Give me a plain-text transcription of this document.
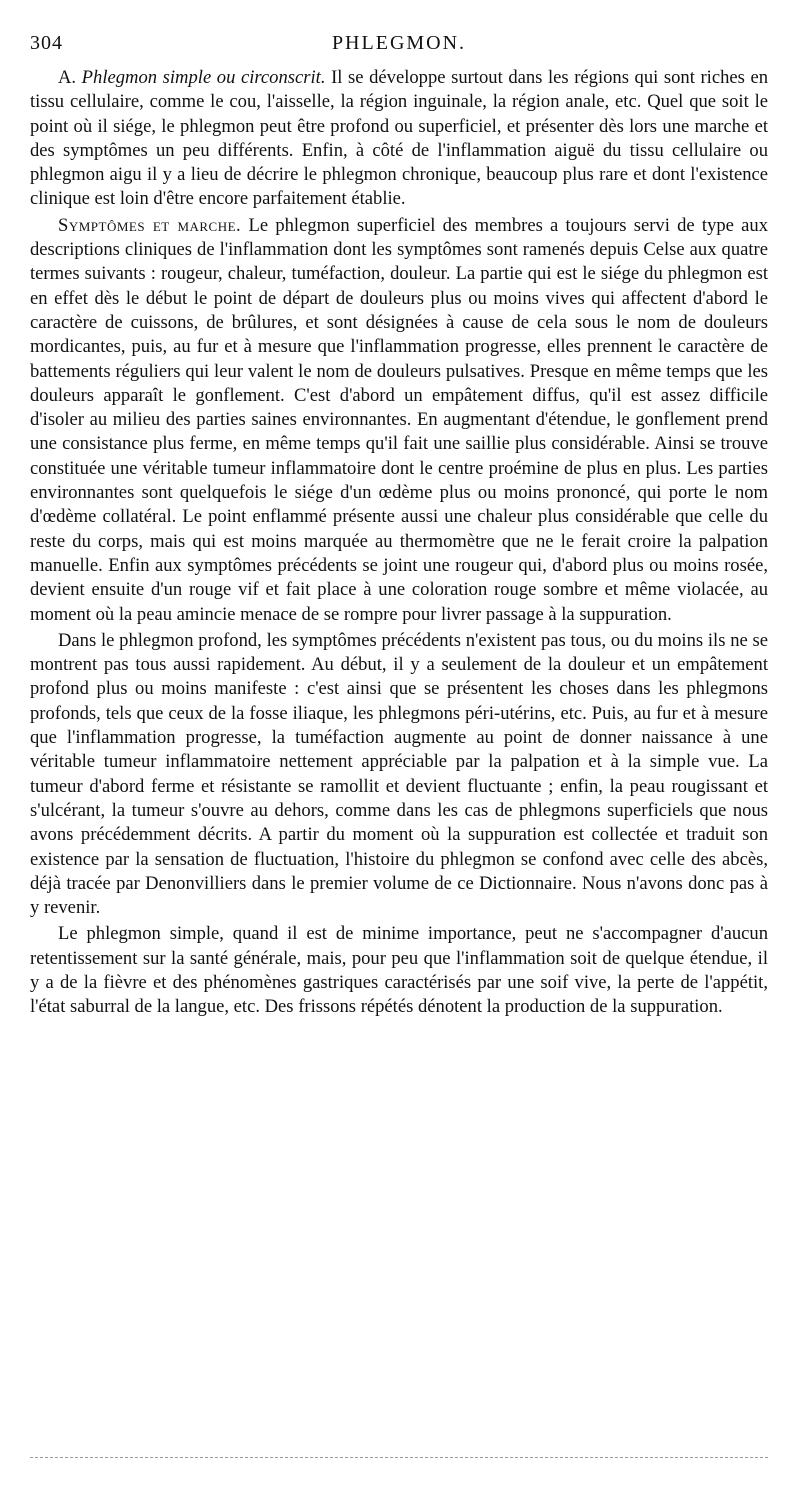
304	PHLEGMON.

A. Phlegmon simple ou circonscrit. Il se développe surtout dans les régions qui sont riches en tissu cellulaire, comme le cou, l'aisselle, la région inguinale, la région anale, etc. Quel que soit le point où il siége, le phlegmon peut être profond ou superficiel, et présenter dès lors une marche et des symptômes un peu différents. Enfin, à côté de l'inflammation aiguë du tissu cellulaire ou phlegmon aigu il y a lieu de décrire le phlegmon chronique, beaucoup plus rare et dont l'existence clinique est loin d'être encore parfaitement établie.

Symptômes et marche. Le phlegmon superficiel des membres a toujours servi de type aux descriptions cliniques de l'inflammation dont les symptômes sont ramenés depuis Celse aux quatre termes suivants : rougeur, chaleur, tuméfaction, douleur. La partie qui est le siége du phlegmon est en effet dès le début le point de départ de douleurs plus ou moins vives qui affectent d'abord le caractère de cuissons, de brûlures, et sont désignées à cause de cela sous le nom de douleurs mordicantes, puis, au fur et à mesure que l'inflammation progresse, elles prennent le caractère de battements réguliers qui leur valent le nom de douleurs pulsatives. Presque en même temps que les douleurs apparaît le gonflement. C'est d'abord un empâtement diffus, qu'il est assez difficile d'isoler au milieu des parties saines environnantes. En augmentant d'étendue, le gonflement prend une consistance plus ferme, en même temps qu'il fait une saillie plus considérable. Ainsi se trouve constituée une véritable tumeur inflammatoire dont le centre proémine de plus en plus. Les parties environnantes sont quelquefois le siége d'un œdème plus ou moins prononcé, qui porte le nom d'œdème collatéral. Le point enflammé présente aussi une chaleur plus considérable que celle du reste du corps, mais qui est moins marquée au thermomètre que ne le ferait croire la palpation manuelle. Enfin aux symptômes précédents se joint une rougeur qui, d'abord plus ou moins rosée, devient ensuite d'un rouge vif et fait place à une coloration rouge sombre et même violacée, au moment où la peau amincie menace de se rompre pour livrer passage à la suppuration.

Dans le phlegmon profond, les symptômes précédents n'existent pas tous, ou du moins ils ne se montrent pas tous aussi rapidement. Au début, il y a seulement de la douleur et un empâtement profond plus ou moins manifeste : c'est ainsi que se présentent les choses dans les phlegmons profonds, tels que ceux de la fosse iliaque, les phlegmons péri-utérins, etc. Puis, au fur et à mesure que l'inflammation progresse, la tuméfaction augmente au point de donner naissance à une véritable tumeur inflammatoire nettement appréciable par la palpation et à la simple vue. La tumeur d'abord ferme et résistante se ramollit et devient fluctuante ; enfin, la peau rougissant et s'ulcérant, la tumeur s'ouvre au dehors, comme dans les cas de phlegmons superficiels que nous avons précédemment décrits. A partir du moment où la suppuration est collectée et traduit son existence par la sensation de fluctuation, l'histoire du phlegmon se confond avec celle des abcès, déjà tracée par Denonvilliers dans le premier volume de ce Dictionnaire. Nous n'avons donc pas à y revenir.

Le phlegmon simple, quand il est de minime importance, peut ne s'accompagner d'aucun retentissement sur la santé générale, mais, pour peu que l'inflammation soit de quelque étendue, il y a de la fièvre et des phénomènes gastriques caractérisés par une soif vive, la perte de l'appétit, l'état saburral de la langue, etc. Des frissons répétés dénotent la production de la suppuration.
